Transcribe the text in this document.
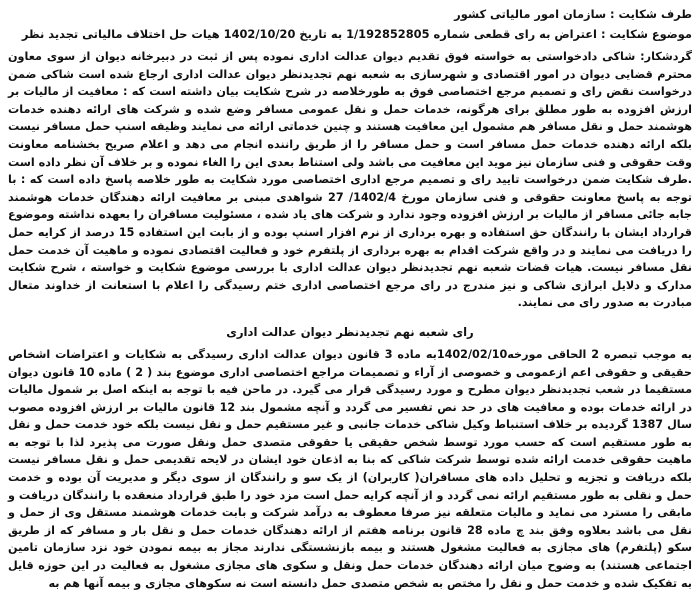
طرف شکایت : سازمان امور مالیاتی کشور

موضوع شکایت : اعتراض به رای قطعی شماره 1/192852805 به تاریخ 1402/10/20 هیات حل اختلاف مالیاتی تجدید نظر

گردشکار: شاکی دادخواستی به خواسته فوق تقدیم دیوان عدالت اداری نموده پس از ثبت در دبیرخانه دیوان از سوی معاون محترم قضایی دیوان در امور اقتصادی و شهرسازی به شعبه نهم تجدیدنظر دیوان عدالت اداری ارجاع شده است شاکی ضمن درخواست نقض رای و تصمیم مرجع اختصاصی فوق به طورخلاصه در شرح شکایت بیان داشته است که : معافیت از مالیات بر ارزش افزوده به طور مطلق برای هرگونه، خدمات حمل و نقل عمومی مسافر وضع شده و شرکت های ارائه دهنده خدمات هوشمند حمل و نقل مسافر هم مشمول این معافیت هستند و چنین خدماتی ارائه می نمایند وظیفه اسنپ حمل مسافر نیست بلکه ارائه دهنده خدمات حمل مسافر است و حمل مسافر را از طریق راننده انجام می دهد و اعلام صریح بخشنامه معاونت وقت حقوقی و فنی سازمان نیز موید این معافیت می باشد ولی استناط بعدی این را الغاء نموده و بر خلاف آن نظر داده است .طرف شکایت ضمن درخواست تایید رای و تصمیم مرجع اداری اختصاصی مورد شکایت به طور خلاصه پاسخ داده است که : با توجه به پاسخ معاونت حقوقی و فنی سازمان مورخ 1402/4/ 27 شواهدی مبنی بر معافیت ارائه دهندگان خدمات هوشمند جابه جائی مسافر از مالیات بر ارزش افزوده وجود ندارد و شرکت های یاد شده ، مسئولیت مسافران را بعهده نداشته وموضوع قرارداد ایشان با رانندگان حق استفاده و بهره برداری از نرم افزار اسنپ بوده و از بابت این استفاده 15 درصد از کرایه حمل را دریافت می نمایند و در واقع شرکت اقدام به بهره برداری از پلتفرم خود و فعالیت اقتصادی نموده و ماهیت آن خدمت حمل نقل مسافر نیست. هیات قضات شعبه نهم تجدیدنظر دیوان عدالت اداری با بررسی موضوع شکایت و خواسته ، شرح شکایت مدارک و دلایل ابرازی شاکی و نیز مندرج در رای مرجع اختصاصی اداری ختم رسیدگی را اعلام با استعانت از خداوند متعال مبادرت به صدور رای می نمایند.

رای شعبه نهم تجدیدنظر دیوان عدالت اداری

به موجب تبصره 2 الحاقی مورخه1402/02/10به ماده 3 قانون دیوان عدالت اداری رسیدگی به شکایات و اعتراضات اشخاص حقیقی و حقوقی اعم ازعمومی و خصوصی از آراء و تصمیمات مراجع اختصاصی اداری موضوع بند ( 2 ) ماده 10 قانون دیوان مستقیما در شعب تجدیدنظر دیوان مطرح و مورد رسیدگی قرار می گیرد. در ماحن فیه با توجه به اینکه اصل بر شمول مالیات در ارائه خدمات بوده و معافیت های در حد نص تفسیر می گردد و آنچه مشمول بند 12 قانون مالیات بر ارزش افزوده مصوب سال 1387 گردیده بر خلاف استنباط وکیل شاکی خدمات جانبی و غیر مستقیم حمل و نقل نیست بلکه خود خدمت حمل و نقل به طور مستقیم است که حسب مورد توسط شخص حقیقی یا حقوقی متصدی حمل ونقل صورت می پذیرد لذا با توجه به ماهیت حقوقی خدمت ارائه شده توسط شرکت شاکی که بنا به اذعان خود ایشان در لایحه تقدیمی حمل و نقل مسافر نیست بلکه دریافت و تجزیه و تحلیل داده های مسافران( کاربران) از یک سو و رانندگان از سوی دیگر و مدیریت آن بوده و خدمت حمل و نقلی به طور مستقیم ارائه نمی گردد و از آنچه کرایه حمل است مزد خود را طبق قرارداد منعقده با رانندگان دریافت و مابقی را مسترد می نماید و مالیات متعلقه نیز صرفا معطوف به درآمد شرکت و بابت خدمات هوشمند مستقل وی از حمل و نقل می باشد بعلاوه وفق بند چ ماده 28 قانون برنامه هفتم از ارائه دهندگان خدمات حمل و نقل بار و مسافر که از طریق سکو (پلتفرم) های مجازی به فعالیت مشغول هستند و بیمه بازنشستگی ندارند مجاز به بیمه نمودن خود نزد سازمان تامین اجتماعی هستند) به وضوح میان ارائه دهندگان خدمات حمل ونقل و سکوی های مجازی مشغول به فعالیت در این حوزه قایل به تفکیک شده و خدمت حمل و نقل را مختص به شخص متصدی حمل دانسته است نه سکوهای مجازی و بیمه آنها هم به
